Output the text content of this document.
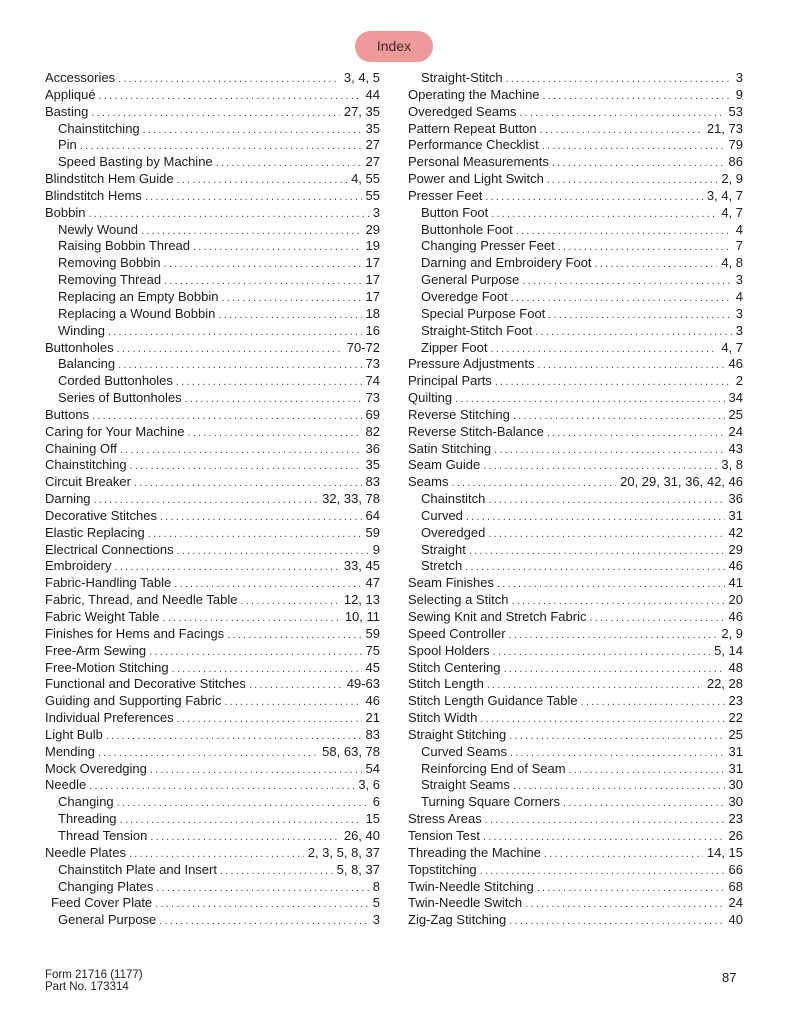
Index
Accessories .....	3, 4, 5
Appliqué .....	44
Basting .....	27, 35
Chainstitching .....	35
Pin .....	27
Speed Basting by Machine .....	27
Blindstitch Hem Guide .....	4, 55
Blindstitch Hems .....	55
Bobbin .....	3
Newly Wound .....	29
Raising Bobbin Thread .....	19
Removing Bobbin .....	17
Removing Thread .....	17
Replacing an Empty Bobbin .....	17
Replacing a Wound Bobbin .....	18
Winding .....	16
Buttonholes .....	70-72
Balancing .....	73
Corded Buttonholes .....	74
Series of Buttonholes .....	73
Buttons .....	69
Caring for Your Machine .....	82
Chaining Off .....	36
Chainstitching .....	35
Circuit Breaker .....	83
Darning .....	32, 33, 78
Decorative Stitches .....	64
Elastic Replacing .....	59
Electrical Connections .....	9
Embroidery .....	33, 45
Fabric-Handling Table .....	47
Fabric, Thread, and Needle Table .....	12, 13
Fabric Weight Table .....	10, 11
Finishes for Hems and Facings .....	59
Free-Arm Sewing .....	75
Free-Motion Stitching .....	45
Functional and Decorative Stitches .....	49-63
Guiding and Supporting Fabric .....	46
Individual Preferences .....	21
Light Bulb .....	83
Mending .....	58, 63, 78
Mock Overedging .....	54
Needle .....	3, 6
Changing .....	6
Threading .....	15
Thread Tension .....	26, 40
Needle Plates .....	2, 3, 5, 8, 37
Chainstitch Plate and Insert .....	5, 8, 37
Changing Plates .....	8
Feed Cover Plate .....	5
General Purpose .....	3
Straight-Stitch .....	3
Operating the Machine .....	9
Overedged Seams .....	53
Pattern Repeat Button .....	21, 73
Performance Checklist .....	79
Personal Measurements .....	86
Power and Light Switch .....	2, 9
Presser Feet .....	3, 4, 7
Button Foot .....	4, 7
Buttonhole Foot .....	4
Changing Presser Feet .....	7
Darning and Embroidery Foot .....	4, 8
General Purpose .....	3
Overedge Foot .....	4
Special Purpose Foot .....	3
Straight-Stitch Foot .....	3
Zipper Foot .....	4, 7
Pressure Adjustments .....	46
Principal Parts .....	2
Quilting .....	34
Reverse Stitching .....	25
Reverse Stitch-Balance .....	24
Satin Stitching .....	43
Seam Guide .....	3, 8
Seams .....	20, 29, 31, 36, 42, 46
Chainstitch .....	36
Curved .....	31
Overedged .....	42
Straight .....	29
Stretch .....	46
Seam Finishes .....	41
Selecting a Stitch .....	20
Sewing Knit and Stretch Fabric .....	46
Speed Controller .....	2, 9
Spool Holders .....	5, 14
Stitch Centering .....	48
Stitch Length .....	22, 28
Stitch Length Guidance Table .....	23
Stitch Width .....	22
Straight Stitching .....	25
Curved Seams .....	31
Reinforcing End of Seam .....	31
Straight Seams .....	30
Turning Square Corners .....	30
Stress Areas .....	23
Tension Test .....	26
Threading the Machine .....	14, 15
Topstitching .....	66
Twin-Needle Stitching .....	68
Twin-Needle Switch .....	24
Zig-Zag Stitching .....	40
Form 21716 (1177)
Part No. 173314
87
